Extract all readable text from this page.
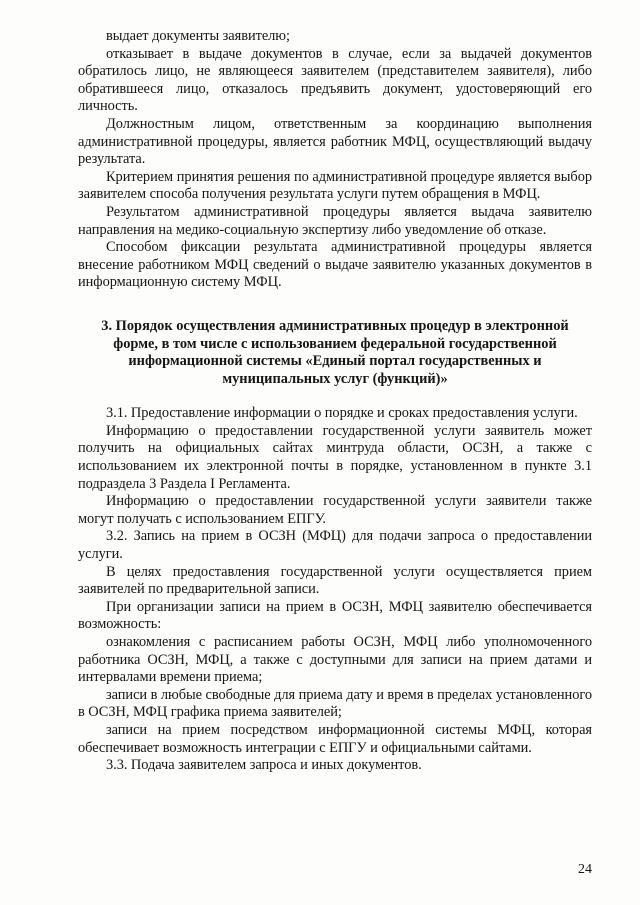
выдает документы заявителю;

отказывает в выдаче документов в случае, если за выдачей документов обратилось лицо, не являющееся заявителем (представителем заявителя), либо обратившееся лицо, отказалось предъявить документ, удостоверяющий его личность.

Должностным лицом, ответственным за координацию выполнения административной процедуры, является работник МФЦ, осуществляющий выдачу результата.

Критерием принятия решения по административной процедуре является выбор заявителем способа получения результата услуги путем обращения в МФЦ.

Результатом административной процедуры является выдача заявителю направления на медико-социальную экспертизу либо уведомление об отказе.

Способом фиксации результата административной процедуры является внесение работником МФЦ сведений о выдаче заявителю указанных документов в информационную систему МФЦ.

3. Порядок осуществления административных процедур в электронной форме, в том числе с использованием федеральной государственной информационной системы «Единый портал государственных и муниципальных услуг (функций)»

3.1. Предоставление информации о порядке и сроках предоставления услуги.

Информацию о предоставлении государственной услуги заявитель может получить на официальных сайтах минтруда области, ОСЗН, а также с использованием их электронной почты в порядке, установленном в пункте 3.1 подраздела 3 Раздела I Регламента.

Информацию о предоставлении государственной услуги заявители также могут получать с использованием ЕПГУ.

3.2. Запись на прием в ОСЗН (МФЦ) для подачи запроса о предоставлении услуги.

В целях предоставления государственной услуги осуществляется прием заявителей по предварительной записи.

При организации записи на прием в ОСЗН, МФЦ заявителю обеспечивается возможность:

ознакомления с расписанием работы ОСЗН, МФЦ либо уполномоченного работника ОСЗН, МФЦ, а также с доступными для записи на прием датами и интервалами времени приема;

записи в любые свободные для приема дату и время в пределах установленного в ОСЗН, МФЦ графика приема заявителей;

записи на прием посредством информационной системы МФЦ, которая обеспечивает возможность интеграции с ЕПГУ и официальными сайтами.

3.3. Подача заявителем запроса и иных документов.

24
